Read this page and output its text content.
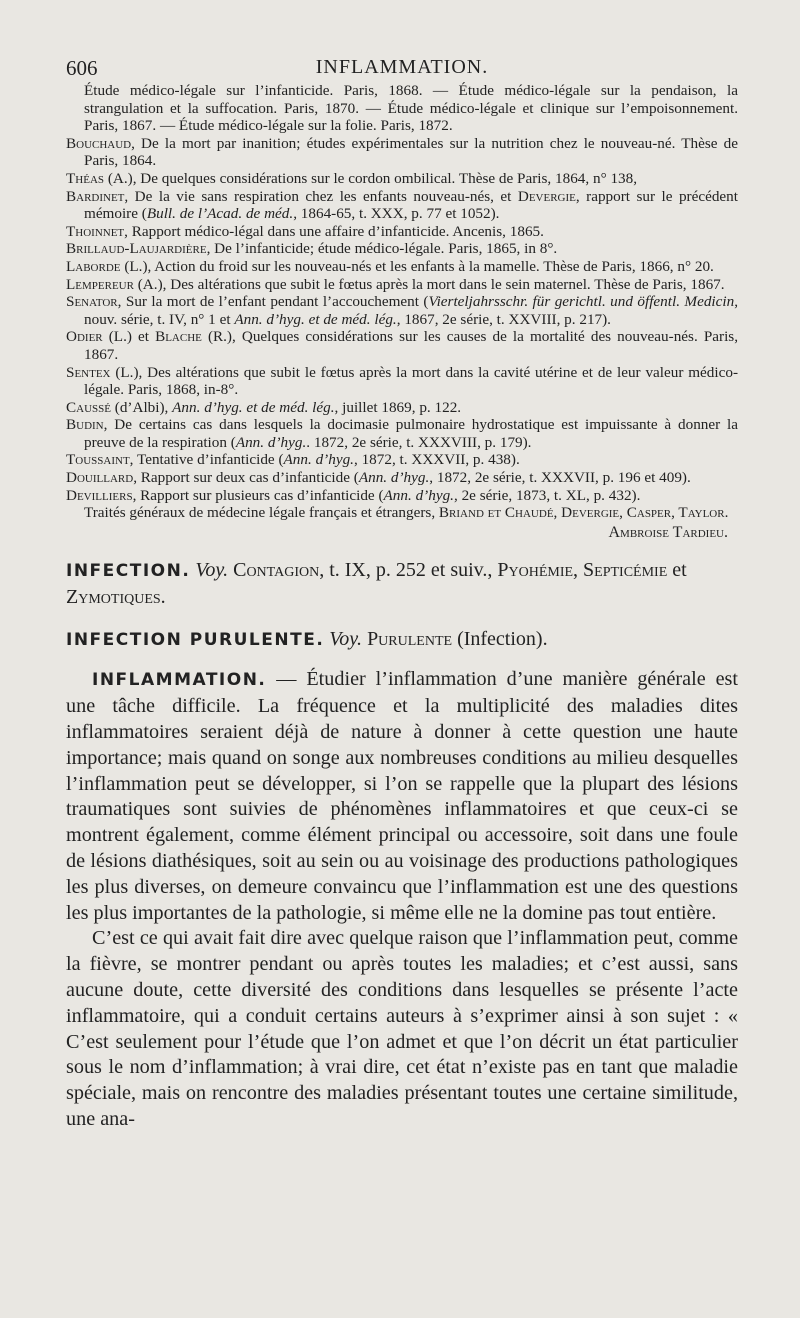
606	INFLAMMATION.

Étude médico-légale sur l’infanticide. Paris, 1868. — Étude médico-légale sur la pendaison, la strangulation et la suffocation. Paris, 1870. — Étude médico-légale et clinique sur l’empoisonnement. Paris, 1867. — Étude médico-légale sur la folie. Paris, 1872.

Bouchaud, De la mort par inanition; études expérimentales sur la nutrition chez le nouveau-né. Thèse de Paris, 1864.

Théas (A.), De quelques considérations sur le cordon ombilical. Thèse de Paris, 1864, n° 138,

Bardinet, De la vie sans respiration chez les enfants nouveau-nés, et Devergie, rapport sur le précédent mémoire (Bull. de l’Acad. de méd., 1864-65, t. XXX, p. 77 et 1052).

Thoinnet, Rapport médico-légal dans une affaire d’infanticide. Ancenis, 1865.

Brillaud-Laujardière, De l’infanticide; étude médico-légale. Paris, 1865, in 8°.

Laborde (L.), Action du froid sur les nouveau-nés et les enfants à la mamelle. Thèse de Paris, 1866, n° 20.

Lempereur (A.), Des altérations que subit le fœtus après la mort dans le sein maternel. Thèse de Paris, 1867.

Senator, Sur la mort de l’enfant pendant l’accouchement (Vierteljahrsschr. für gerichtl. und öffentl. Medicin, nouv. série, t. IV, n° 1 et Ann. d’hyg. et de méd. lég., 1867, 2e série, t. XXVIII, p. 217).

Odier (L.) et Blache (R.), Quelques considérations sur les causes de la mortalité des nouveau-nés. Paris, 1867.

Sentex (L.), Des altérations que subit le fœtus après la mort dans la cavité utérine et de leur valeur médico-légale. Paris, 1868, in-8°.

Caussé (d’Albi), Ann. d’hyg. et de méd. lég., juillet 1869, p. 122.

Budin, De certains cas dans lesquels la docimasie pulmonaire hydrostatique est impuissante à donner la preuve de la respiration (Ann. d’hyg.. 1872, 2e série, t. XXXVIII, p. 179).

Toussaint, Tentative d’infanticide (Ann. d’hyg., 1872, t. XXXVII, p. 438).

Douillard, Rapport sur deux cas d’infanticide (Ann. d’hyg., 1872, 2e série, t. XXXVII, p. 196 et 409).

Devilliers, Rapport sur plusieurs cas d’infanticide (Ann. d’hyg., 2e série, 1873, t. XL, p. 432).

Traités généraux de médecine légale français et étrangers, Briand et Chaudé, Devergie, Casper, Taylor.

Ambroise Tardieu.
INFECTION. Voy. Contagion, t. IX, p. 252 et suiv., Pyohémie, Septicémie et Zymotiques.
INFECTION PURULENTE. Voy. Purulente (Infection).

INFLAMMATION. — Étudier l’inflammation d’une manière générale est une tâche difficile. La fréquence et la multiplicité des maladies dites inflammatoires seraient déjà de nature à donner à cette question une haute importance; mais quand on songe aux nombreuses conditions au milieu desquelles l’inflammation peut se développer, si l’on se rappelle que la plupart des lésions traumatiques sont suivies de phénomènes inflammatoires et que ceux-ci se montrent également, comme élément principal ou accessoire, soit dans une foule de lésions diathésiques, soit au sein ou au voisinage des productions pathologiques les plus diverses, on demeure convaincu que l’inflammation est une des questions les plus importantes de la pathologie, si même elle ne la domine pas tout entière.

C’est ce qui avait fait dire avec quelque raison que l’inflammation peut, comme la fièvre, se montrer pendant ou après toutes les maladies; et c’est aussi, sans aucune doute, cette diversité des conditions dans lesquelles se présente l’acte inflammatoire, qui a conduit certains auteurs à s’exprimer ainsi à son sujet : « C’est seulement pour l’étude que l’on admet et que l’on décrit un état particulier sous le nom d’inflammation; à vrai dire, cet état n’existe pas en tant que maladie spéciale, mais on rencontre des maladies présentant toutes une certaine similitude, une ana-
